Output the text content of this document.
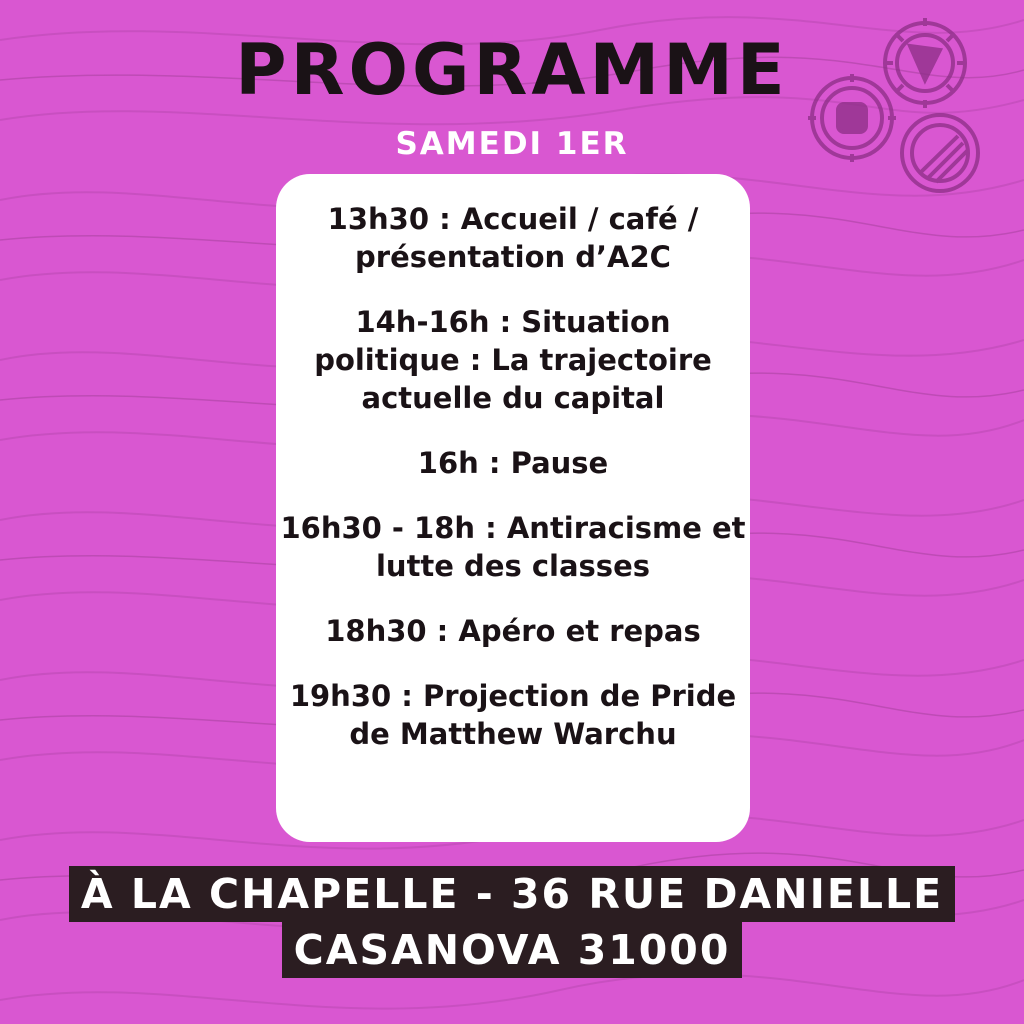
PROGRAMME
SAMEDI 1ER
13h30 : Accueil / café / présentation d’A2C
14h-16h : Situation politique : La trajectoire actuelle du capital
16h : Pause
16h30 - 18h : Antiracisme et lutte des classes
18h30 : Apéro et repas
19h30 : Projection de Pride de Matthew Warchu
À LA CHAPELLE - 36 RUE DANIELLE
CASANOVA 31000
